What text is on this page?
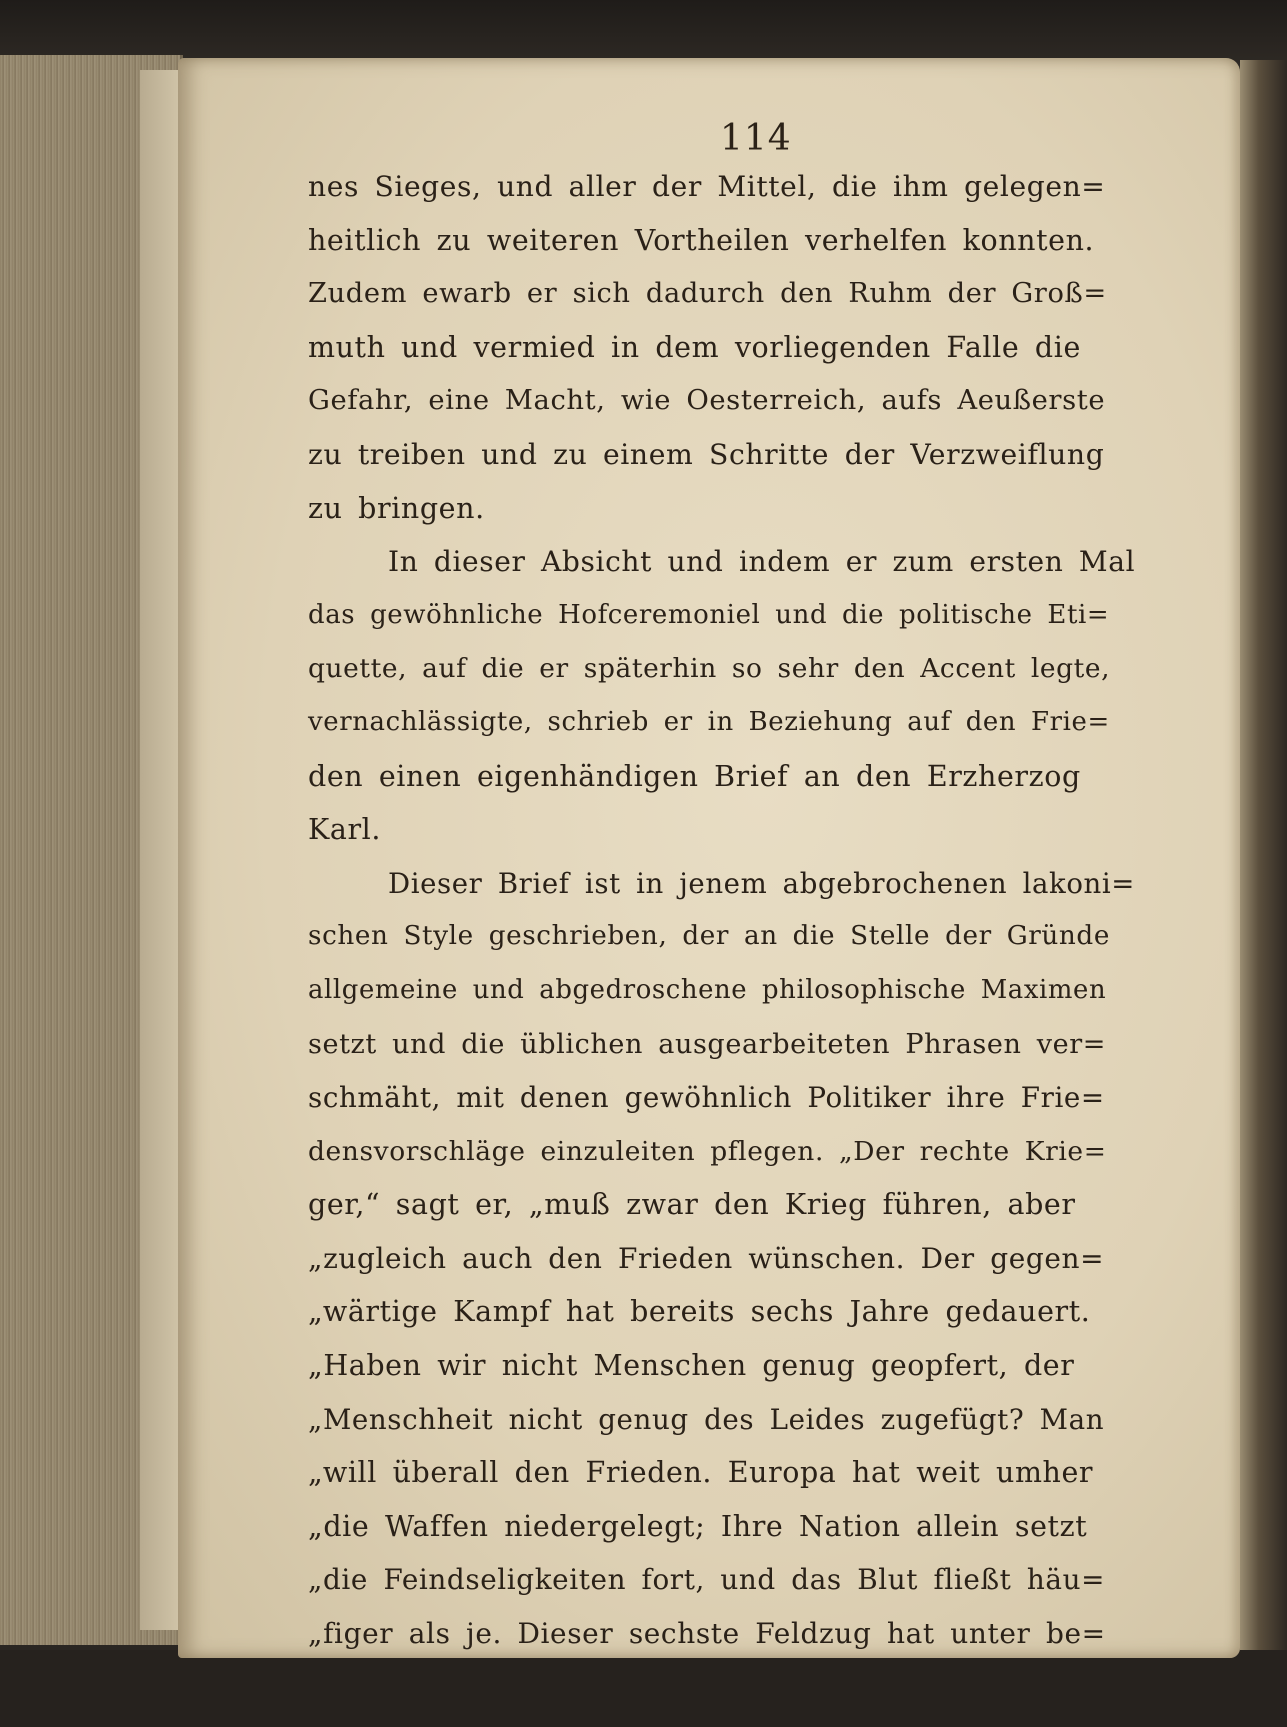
114
nes Sieges, und aller der Mittel, die ihm gelegen=
heitlich zu weiteren Vortheilen verhelfen konnten.
Zudem ewarb er sich dadurch den Ruhm der Groß=
muth und vermied in dem vorliegenden Falle die
Gefahr, eine Macht, wie Oesterreich, aufs Aeußerste
zu treiben und zu einem Schritte der Verzweiflung
zu bringen.
In dieser Absicht und indem er zum ersten Mal
das gewöhnliche Hofceremoniel und die politische Eti=
quette, auf die er späterhin so sehr den Accent legte,
vernachlässigte, schrieb er in Beziehung auf den Frie=
den einen eigenhändigen Brief an den Erzherzog
Karl.
Dieser Brief ist in jenem abgebrochenen lakoni=
schen Style geschrieben, der an die Stelle der Gründe
allgemeine und abgedroschene philosophische Maximen
setzt und die üblichen ausgearbeiteten Phrasen ver=
schmäht, mit denen gewöhnlich Politiker ihre Frie=
densvorschläge einzuleiten pflegen. „Der rechte Krie=
ger,“ sagt er, „muß zwar den Krieg führen, aber
„zugleich auch den Frieden wünschen. Der gegen=
„wärtige Kampf hat bereits sechs Jahre gedauert.
„Haben wir nicht Menschen genug geopfert, der
„Menschheit nicht genug des Leides zugefügt? Man
„will überall den Frieden. Europa hat weit umher
„die Waffen niedergelegt; Ihre Nation allein setzt
„die Feindseligkeiten fort, und das Blut fließt häu=
„figer als je. Dieser sechste Feldzug hat unter be=
